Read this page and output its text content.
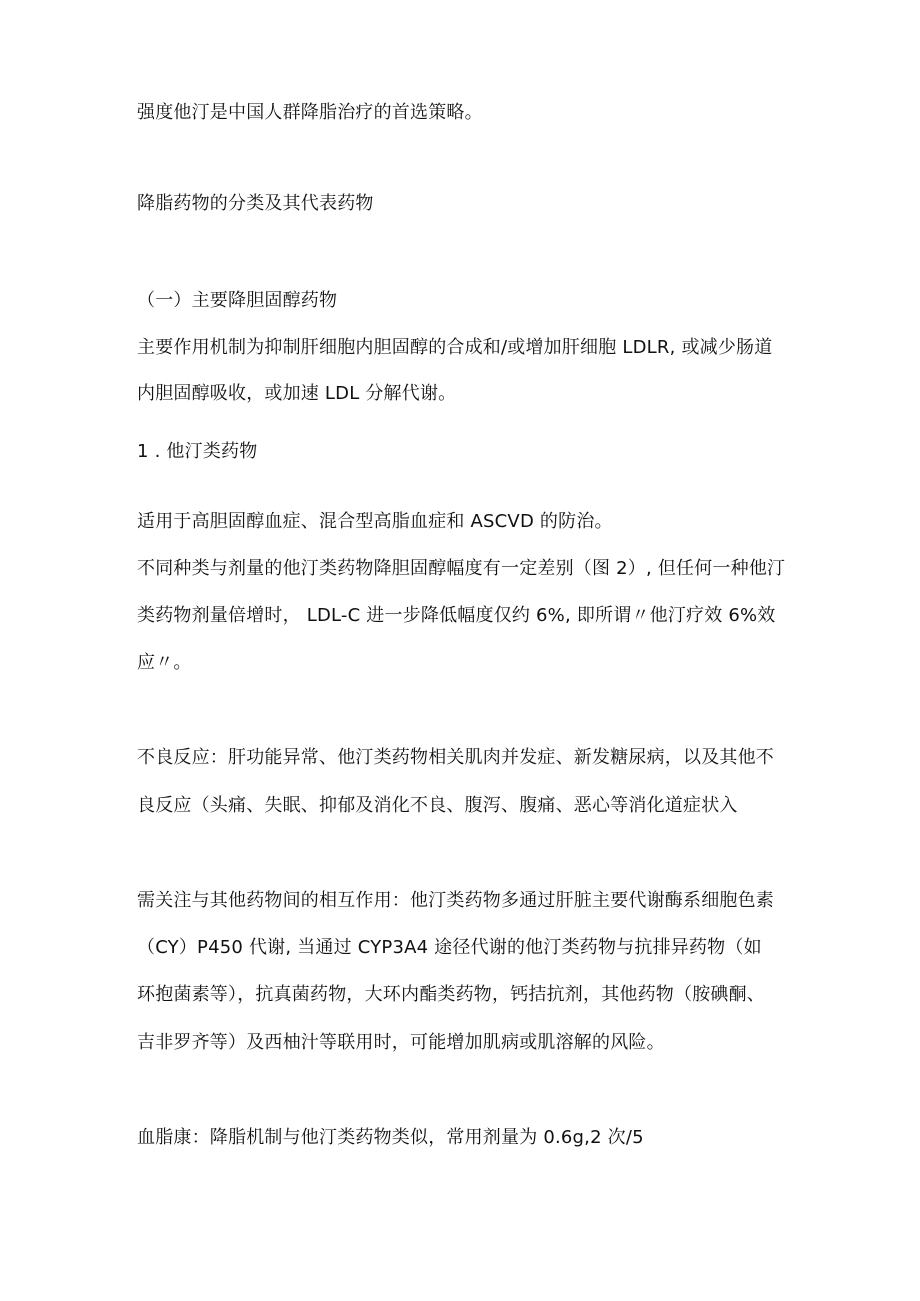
强度他汀是中国人群降脂治疗的首选策略。
降脂药物的分类及其代表药物
（一）主要降胆固醇药物
主要作用机制为抑制肝细胞内胆固醇的合成和/或增加肝细胞 LDLR, 或减少肠道
内胆固醇吸收，或加速 LDL 分解代谢。
1 . 他汀类药物
适用于高胆固醇血症、混合型高脂血症和 ASCVD 的防治。
不同种类与剂量的他汀类药物降胆固醇幅度有一定差别（图 2）, 但任何一种他汀
类药物剂量倍增时， LDL-C 进一步降低幅度仅约 6%, 即所谓〃他汀疗效 6%效
应〃。
不良反应：肝功能异常、他汀类药物相关肌肉并发症、新发糖尿病，以及其他不
良反应（头痛、失眠、抑郁及消化不良、腹泻、腹痛、恶心等消化道症状入
需关注与其他药物间的相互作用：他汀类药物多通过肝脏主要代谢酶系细胞色素
（CY）P450 代谢, 当通过 CYP3A4 途径代谢的他汀类药物与抗排异药物（如
环抱菌素等），抗真菌药物，大环内酯类药物，钙拮抗剂，其他药物（胺碘酮、
吉非罗齐等）及西柚汁等联用时，可能增加肌病或肌溶解的风险。
血脂康：降脂机制与他汀类药物类似，常用剂量为 0.6g,2 次/5
